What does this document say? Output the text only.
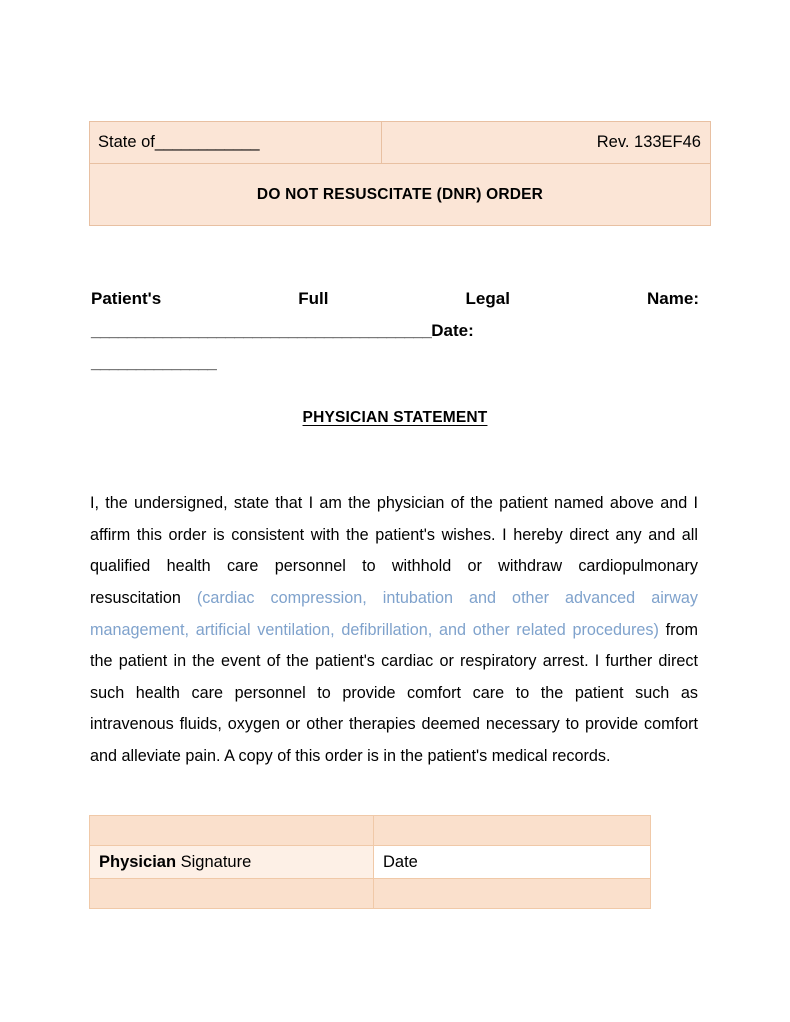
State of____________	Rev. 133EF46
DO NOT RESUSCITATE (DNR) ORDER
Patient's Full Legal Name:
______________________________________Date:
______________
PHYSICIAN STATEMENT

I, the undersigned, state that I am the physician of the patient named above and I affirm this order is consistent with the patient's wishes. I hereby direct any and all qualified health care personnel to withhold or withdraw cardiopulmonary resuscitation (cardiac compression, intubation and other advanced airway management, artificial ventilation, defibrillation, and other related procedures) from the patient in the event of the patient's cardiac or respiratory arrest. I further direct such health care personnel to provide comfort care to the patient such as intravenous fluids, oxygen or other therapies deemed necessary to provide comfort and alleviate pain. A copy of this order is in the patient's medical records.

Physician Signature	Date
